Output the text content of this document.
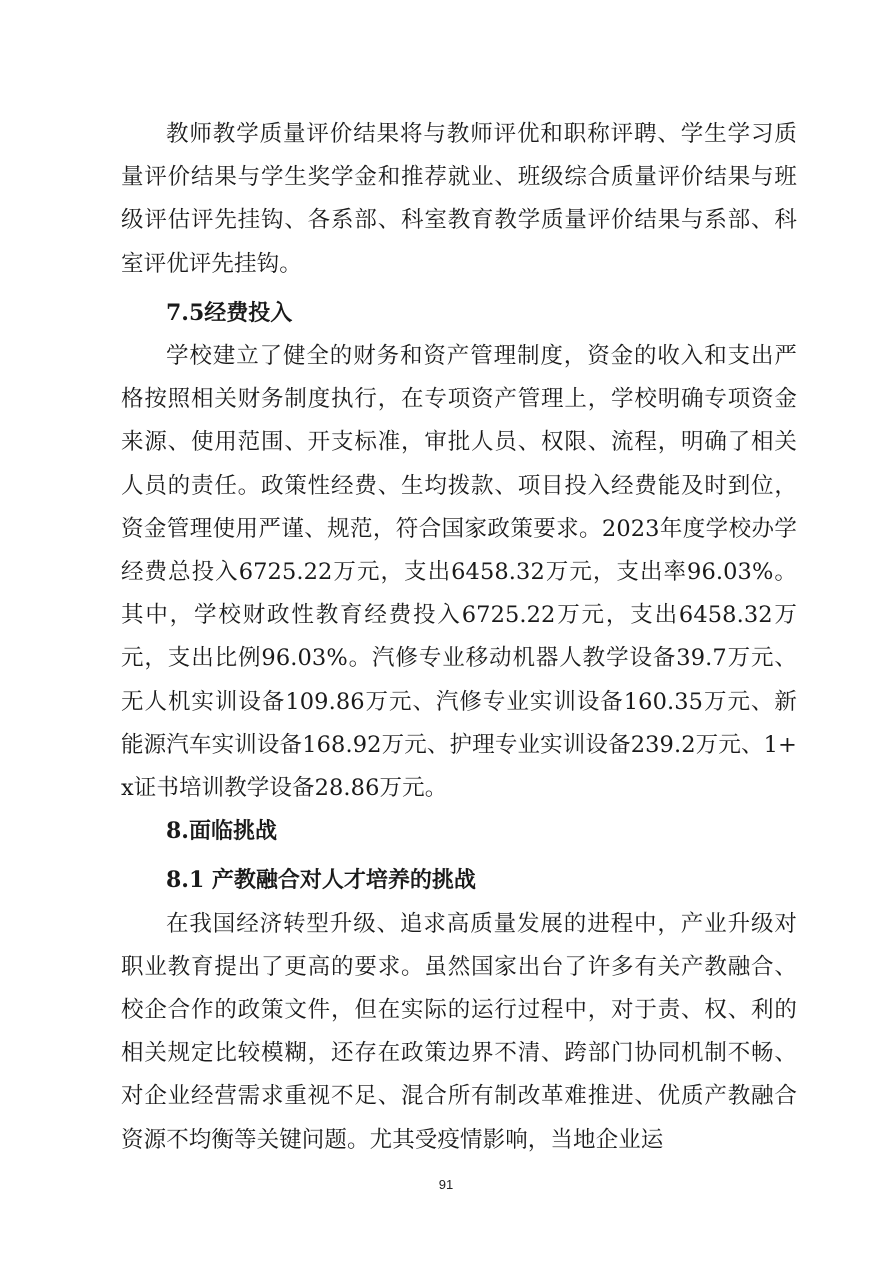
教师教学质量评价结果将与教师评优和职称评聘、学生学习质量评价结果与学生奖学金和推荐就业、班级综合质量评价结果与班级评估评先挂钩、各系部、科室教育教学质量评价结果与系部、科室评优评先挂钩。

7.5经费投入

学校建立了健全的财务和资产管理制度，资金的收入和支出严格按照相关财务制度执行，在专项资产管理上，学校明确专项资金来源、使用范围、开支标准，审批人员、权限、流程，明确了相关人员的责任。政策性经费、生均拨款、项目投入经费能及时到位，资金管理使用严谨、规范，符合国家政策要求。2023年度学校办学经费总投入6725.22万元，支出6458.32万元，支出率96.03%。其中，学校财政性教育经费投入6725.22万元，支出6458.32万元，支出比例96.03%。汽修专业移动机器人教学设备39.7万元、无人机实训设备109.86万元、汽修专业实训设备160.35万元、新能源汽车实训设备168.92万元、护理专业实训设备239.2万元、1+x证书培训教学设备28.86万元。

8.面临挑战
8.1 产教融合对人才培养的挑战

在我国经济转型升级、追求高质量发展的进程中，产业升级对职业教育提出了更高的要求。虽然国家出台了许多有关产教融合、校企合作的政策文件，但在实际的运行过程中，对于责、权、利的相关规定比较模糊，还存在政策边界不清、跨部门协同机制不畅、对企业经营需求重视不足、混合所有制改革难推进、优质产教融合资源不均衡等关键问题。尤其受疫情影响，当地企业运

91
